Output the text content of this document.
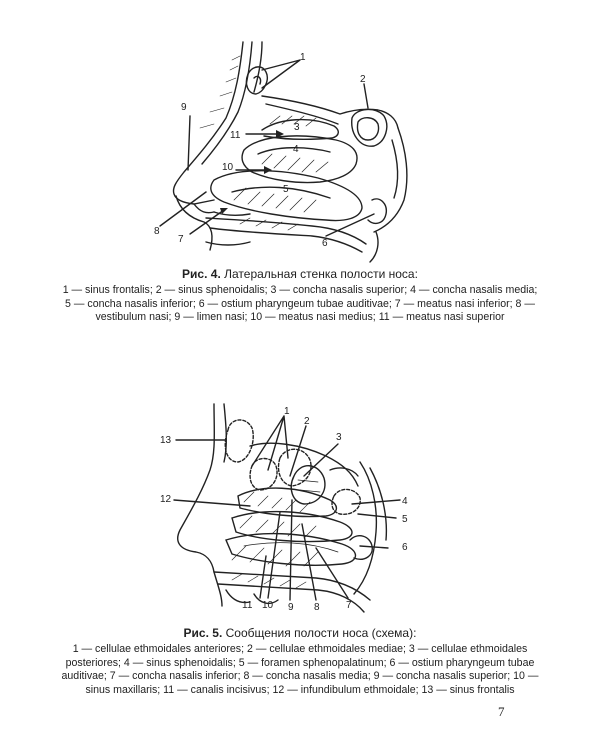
1
2
3
4
5
6
7
8
9
10
11
Рис. 4. Латеральная стенка полости носа:
1 — sinus frontalis; 2 — sinus sphenoidalis; 3 — concha nasalis superior; 4 — concha nasalis media; 5 — concha nasalis inferior; 6 — ostium pharyngeum tubae auditivae; 7 — meatus nasi inferior; 8 — vestibulum nasi; 9 — limen nasi; 10 — meatus nasi medius; 11 — meatus nasi superior
1
2
3
4
5
6
7
8
9
10
11
12
13
Рис. 5. Сообщения полости носа (схема):
1 — cellulae ethmoidales anteriores; 2 — cellulae ethmoidales mediae; 3 — cellulae ethmoidales posteriores; 4 — sinus sphenoidalis; 5 — foramen sphenopalatinum; 6 — ostium pharyngeum tubae auditivae; 7 — concha nasalis inferior; 8 — concha nasalis media; 9 — concha nasalis superior; 10 — sinus maxillaris; 11 — canalis incisivus; 12 — infundibulum ethmoidale; 13 — sinus frontalis
7
